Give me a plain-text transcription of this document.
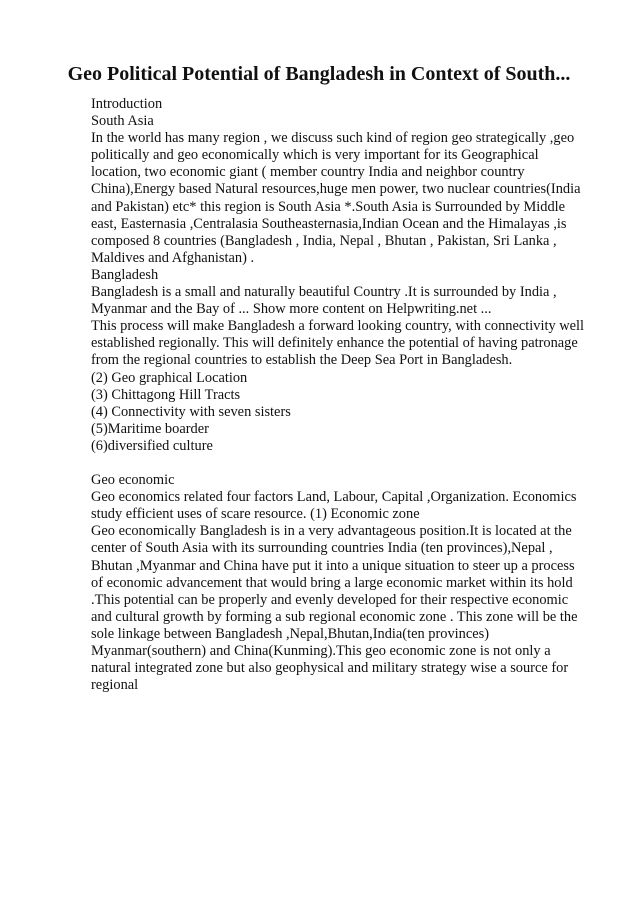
Geo Political Potential of Bangladesh in Context of South...
Introduction
South Asia
In the world has many region , we discuss such kind of region geo strategically ,geo
politically and geo economically which is very important for its Geographical
location, two economic giant ( member country India and neighbor country
China),Energy based Natural resources,huge men power, two nuclear countries(India
and Pakistan) etc* this region is South Asia *.South Asia is Surrounded by Middle
east, Easternasia ,Centralasia Southeasternasia,Indian Ocean and the Himalayas ,is
composed 8 countries (Bangladesh , India, Nepal , Bhutan , Pakistan, Sri Lanka ,
Maldives and Afghanistan) .
Bangladesh
Bangladesh is a small and naturally beautiful Country .It is surrounded by India ,
Myanmar and the Bay of ... Show more content on Helpwriting.net ...
This process will make Bangladesh a forward looking country, with connectivity well
established regionally. This will definitely enhance the potential of having patronage
from the regional countries to establish the Deep Sea Port in Bangladesh.
(2) Geo graphical Location
(3) Chittagong Hill Tracts
(4) Connectivity with seven sisters
(5)Maritime boarder
(6)diversified culture
Geo economic
Geo economics related four factors Land, Labour, Capital ,Organization. Economics
study efficient uses of scare resource. (1) Economic zone
Geo economically Bangladesh is in a very advantageous position.It is located at the
center of South Asia with its surrounding countries India (ten provinces),Nepal ,
Bhutan ,Myanmar and China have put it into a unique situation to steer up a process
of economic advancement that would bring a large economic market within its hold
.This potential can be properly and evenly developed for their respective economic
and cultural growth by forming a sub regional economic zone . This zone will be the
sole linkage between Bangladesh ,Nepal,Bhutan,India(ten provinces)
Myanmar(southern) and China(Kunming).This geo economic zone is not only a
natural integrated zone but also geophysical and military strategy wise a source for
regional
